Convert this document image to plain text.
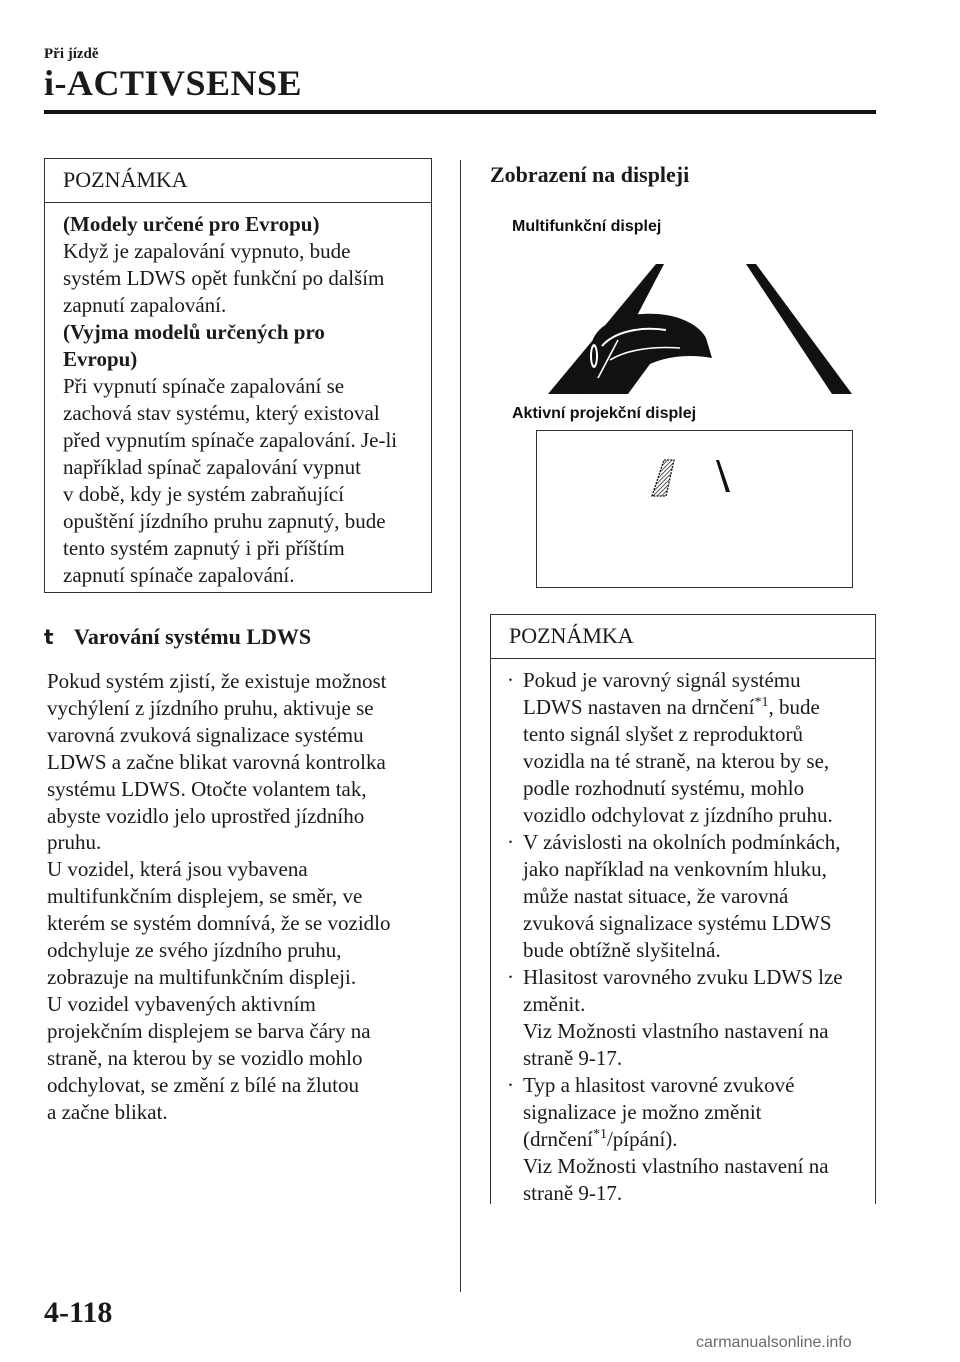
Při jízdě
i-ACTIVSENSE
POZNÁMKA

(Modely určené pro Evropu)

Když je zapalování vypnuto, bude

systém LDWS opět funkční po dalším

zapnutí zapalování.

(Vyjma modelů určených pro

Evropu)

Při vypnutí spínače zapalování se

zachová stav systému, který existoval

před vypnutím spínače zapalování. Je-li

například spínač zapalování vypnut

v době, kdy je systém zabraňující

opuštění jízdního pruhu zapnutý, bude

tento systém zapnutý i při příštím

zapnutí spínače zapalování.

t Varování systému LDWS

Pokud systém zjistí, že existuje možnost

vychýlení z jízdního pruhu, aktivuje se

varovná zvuková signalizace systému

LDWS a začne blikat varovná kontrolka

systému LDWS. Otočte volantem tak,

abyste vozidlo jelo uprostřed jízdního

pruhu.

U vozidel, která jsou vybavena

multifunkčním displejem, se směr, ve

kterém se systém domnívá, že se vozidlo

odchyluje ze svého jízdního pruhu,

zobrazuje na multifunkčním displeji.

U vozidel vybavených aktivním

projekčním displejem se barva čáry na

straně, na kterou by se vozidlo mohlo

odchylovat, se změní z bílé na žlutou

a začne blikat.

Zobrazení na displeji
Multifunkční displej
Aktivní projekční displej
POZNÁMKA
· Pokud je varovný signál systému

LDWS nastaven na drnčení$^{*1}$, bude

tento signál slyšet z reproduktorů

vozidla na té straně, na kterou by se,

podle rozhodnutí systému, mohlo

vozidlo odchylovat z jízdního pruhu.

· V závislosti na okolních podmínkách,

jako například na venkovním hluku,

může nastat situace, že varovná

zvuková signalizace systému LDWS

bude obtížně slyšitelná.

· Hlasitost varovného zvuku LDWS lze

změnit.

Viz Možnosti vlastního nastavení na

straně 9-17.

· Typ a hlasitost varovné zvukové

signalizace je možno změnit

(drnčení$^{*1}$/pípání).

Viz Možnosti vlastního nastavení na

straně 9-17.

4-118
carmanualsonline.info
